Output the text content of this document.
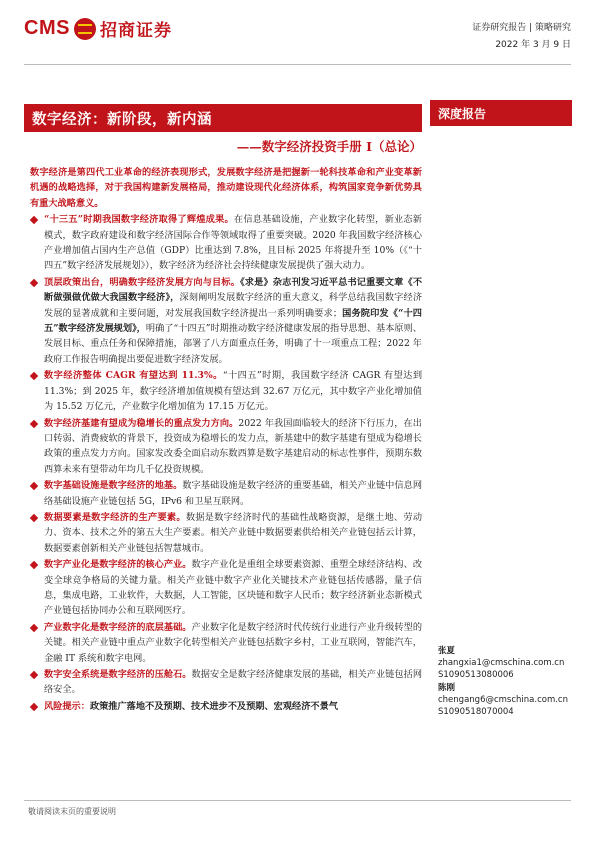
CMS 招商证券	证券研究报告 | 策略研究
2022 年 3 月 9 日
数字经济：新阶段，新内涵
——数字经济投资手册 I（总论）
深度报告

数字经济是第四代工业革命的经济表现形式，发展数字经济是把握新一轮科技革命和产业变革新机遇的战略选择，对于我国构建新发展格局，推动建设现代化经济体系，构筑国家竞争新优势具有重大战略意义。

“十三五”时期我国数字经济取得了辉煌成果。在信息基础设施，产业数字化转型，新业态新模式，数字政府建设和数字经济国际合作等领域取得了重要突破。2020 年我国数字经济核心产业增加值占国内生产总值（GDP）比重达到 7.8%，且目标 2025 年将提升至 10%（《“十四五”数字经济发展规划》），数字经济为经济社会持续健康发展提供了强大动力。

顶层政策出台，明确数字经济发展方向与目标。《求是》杂志刊发习近平总书记重要文章《不断做强做优做大我国数字经济》，深刻阐明发展数字经济的重大意义，科学总结我国数字经济发展的显著成就和主要问题，对发展我国数字经济提出一系列明确要求；国务院印发《“十四五”数字经济发展规划》，明确了“十四五”时期推动数字经济健康发展的指导思想、基本原则、发展目标、重点任务和保障措施，部署了八方面重点任务，明确了十一项重点工程；2022 年政府工作报告明确提出要促进数字经济发展。

数字经济整体 CAGR 有望达到 11.3%。“十四五”时期，我国数字经济 CAGR 有望达到 11.3%；到 2025 年，数字经济增加值规模有望达到 32.67 万亿元，其中数字产业化增加值为 15.52 万亿元，产业数字化增加值为 17.15 万亿元。

数字经济基建有望成为稳增长的重点发力方向。2022 年我国面临较大的经济下行压力，在出口转弱、消费疲软的背景下，投资成为稳增长的发力点，新基建中的数字基建有望成为稳增长政策的重点发力方向。国家发改委全面启动东数西算是数字基建启动的标志性事件，预期东数西算未来有望带动年均几千亿投资规模。

数字基础设施是数字经济的地基。数字基础设施是数字经济的重要基础，相关产业链中信息网络基础设施产业链包括 5G，IPv6 和卫星互联网。

数据要素是数字经济的生产要素。数据是数字经济时代的基础性战略资源，是继土地、劳动力、资本、技术之外的第五大生产要素。相关产业链中数据要素供给相关产业链包括云计算，数据要素创新相关产业链包括智慧城市。

数字产业化是数字经济的核心产业。数字产业化是重组全球要素资源、重塑全球经济结构、改变全球竞争格局的关键力量。相关产业链中数字产业化关键技术产业链包括传感器，量子信息，集成电路，工业软件，大数据，人工智能，区块链和数字人民币；数字经济新业态新模式产业链包括协同办公和互联网医疗。

产业数字化是数字经济的底层基础。产业数字化是数字经济时代传统行业进行产业升级转型的关键。相关产业链中重点产业数字化转型相关产业链包括数字乡村，工业互联网，智能汽车，金融 IT 系统和数字电网。

数字安全系统是数字经济的压舱石。数据安全是数字经济健康发展的基础，相关产业链包括网络安全。

风险提示：政策推广落地不及预期、技术进步不及预期、宏观经济不景气

张夏
zhangxia1@cmschina.com.cn
S1090513080006
陈刚
chengang6@cmschina.com.cn
S1090518070004
敬请阅读末页的重要说明
